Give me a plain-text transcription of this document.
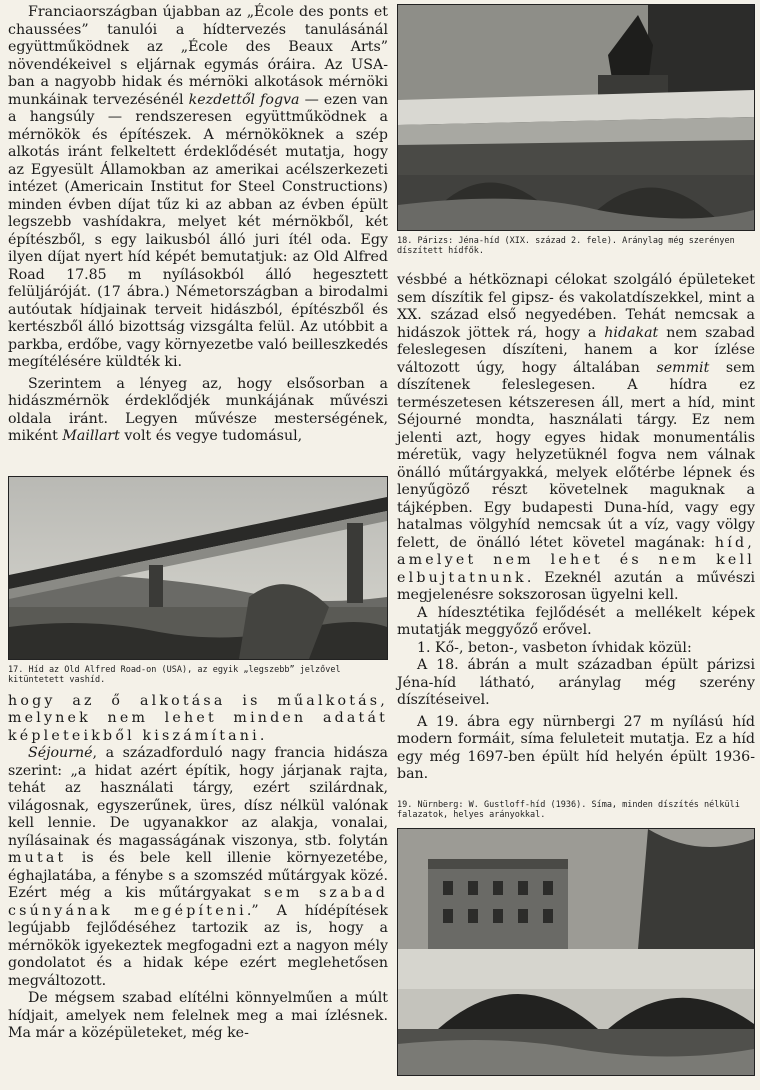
Franciaországban újabban az „École des ponts et chaussées” tanulói a hídtervezés tanulásánál együttműködnek az „École des Beaux Arts” növendékeivel s eljárnak egymás óráira. Az USA-ban a nagyobb hidak és mérnöki alkotások mérnöki munkáinak tervezésénél kezdettől fogva — ezen van a hangsúly — rendszeresen együttműködnek a mérnökök és építészek. A mérnököknek a szép alkotás iránt felkeltett érdeklődését mutatja, hogy az Egyesült Államokban az amerikai acélszerkezeti intézet (Americain Institut for Steel Constructions) minden évben díjat tűz ki az abban az évben épült legszebb vashídakra, melyet két mérnökből, két építészből, s egy laikusból álló juri ítél oda. Egy ilyen díjat nyert híd képét bemutatjuk: az Old Alfred Road 17.85 m nyílásokból álló hegesztett felüljáróját. (17 ábra.) Németországban a birodalmi autóutak hídjainak terveit hidászból, építészből és kertészből álló bizottság vizsgálta felül. Az utóbbit a parkba, erdőbe, vagy környezetbe való beilleszkedés megítélésére küldték ki.

Szerintem a lényeg az, hogy elsősorban a hidászmérnök érdeklődjék munkájának művészi oldala iránt. Legyen művésze mesterségének, miként Maillart volt és vegye tudomásul,

17. Híd az Old Alfred Road-on (USA), az egyik „legszebb” jelzővel kitüntetett vashíd.

hogy az ő alkotása is műalkotás, melynek nem lehet minden adatát képleteikből kiszámítani.

Séjourné, a századforduló nagy francia hidásza szerint: „a hidat azért építik, hogy járjanak rajta, tehát az használati tárgy, ezért szilárdnak, világosnak, egyszerűnek, üres, dísz nélkül valónak kell lennie. De ugyanakkor az alakja, vonalai, nyílásainak és magasságának viszonya, stb. folytán mutat is és bele kell illenie környezetébe, éghajlatába, a fénybe s a szomszéd műtárgyak közé. Ezért még a kis műtárgyakat sem szabad csúnyának megépíteni.” A hídépítések legújabb fejlődéséhez tartozik az is, hogy a mérnökök igyekeztek megfogadni ezt a nagyon mély gondolatot és a hidak képe ezért meglehetősen megváltozott.

De mégsem szabad elítélni könnyelműen a múlt hídjait, amelyek nem felelnek meg a mai ízlésnek. Ma már a középületeket, még ke-

18. Párizs: Jéna-híd (XIX. század 2. fele). Aránylag még szerényen díszített hídfők.

vésbbé a hétköznapi célokat szolgáló épületeket sem díszítik fel gipsz- és vakolatdíszekkel, mint a XX. század első negyedében. Tehát nemcsak a hidászok jöttek rá, hogy a hidakat nem szabad feleslegesen díszíteni, hanem a kor ízlése változott úgy, hogy általában semmit sem díszítenek feleslegesen. A hídra ez természetesen kétszeresen áll, mert a híd, mint Séjourné mondta, használati tárgy. Ez nem jelenti azt, hogy egyes hidak monumentális méretük, vagy helyzetüknél fogva nem válnak önálló műtárgyakká, melyek előtérbe lépnek és lenyűgöző részt követelnek maguknak a tájképben. Egy budapesti Duna-híd, vagy egy hatalmas völgyhíd nemcsak út a víz, vagy völgy felett, de önálló létet követel magának: híd, amelyet nem lehet és nem kell elbujtatnunk. Ezeknél azután a művészi megjelenésre sokszorosan ügyelni kell.

A hídesztétika fejlődését a mellékelt képek mutatják meggyőző erővel.

1. Kő-, beton-, vasbeton ívhidak közül:

A 18. ábrán a mult században épült párizsi Jéna-híd látható, aránylag még szerény díszítéseivel.

A 19. ábra egy nürnbergi 27 m nyílású híd modern formáit, síma feluleteit mutatja. Ez a híd egy még 1697-ben épült híd helyén épült 1936-ban.

19. Nürnberg: W. Gustloff-híd (1936). Síma, minden díszítés nélküli falazatok, helyes arányokkal.
